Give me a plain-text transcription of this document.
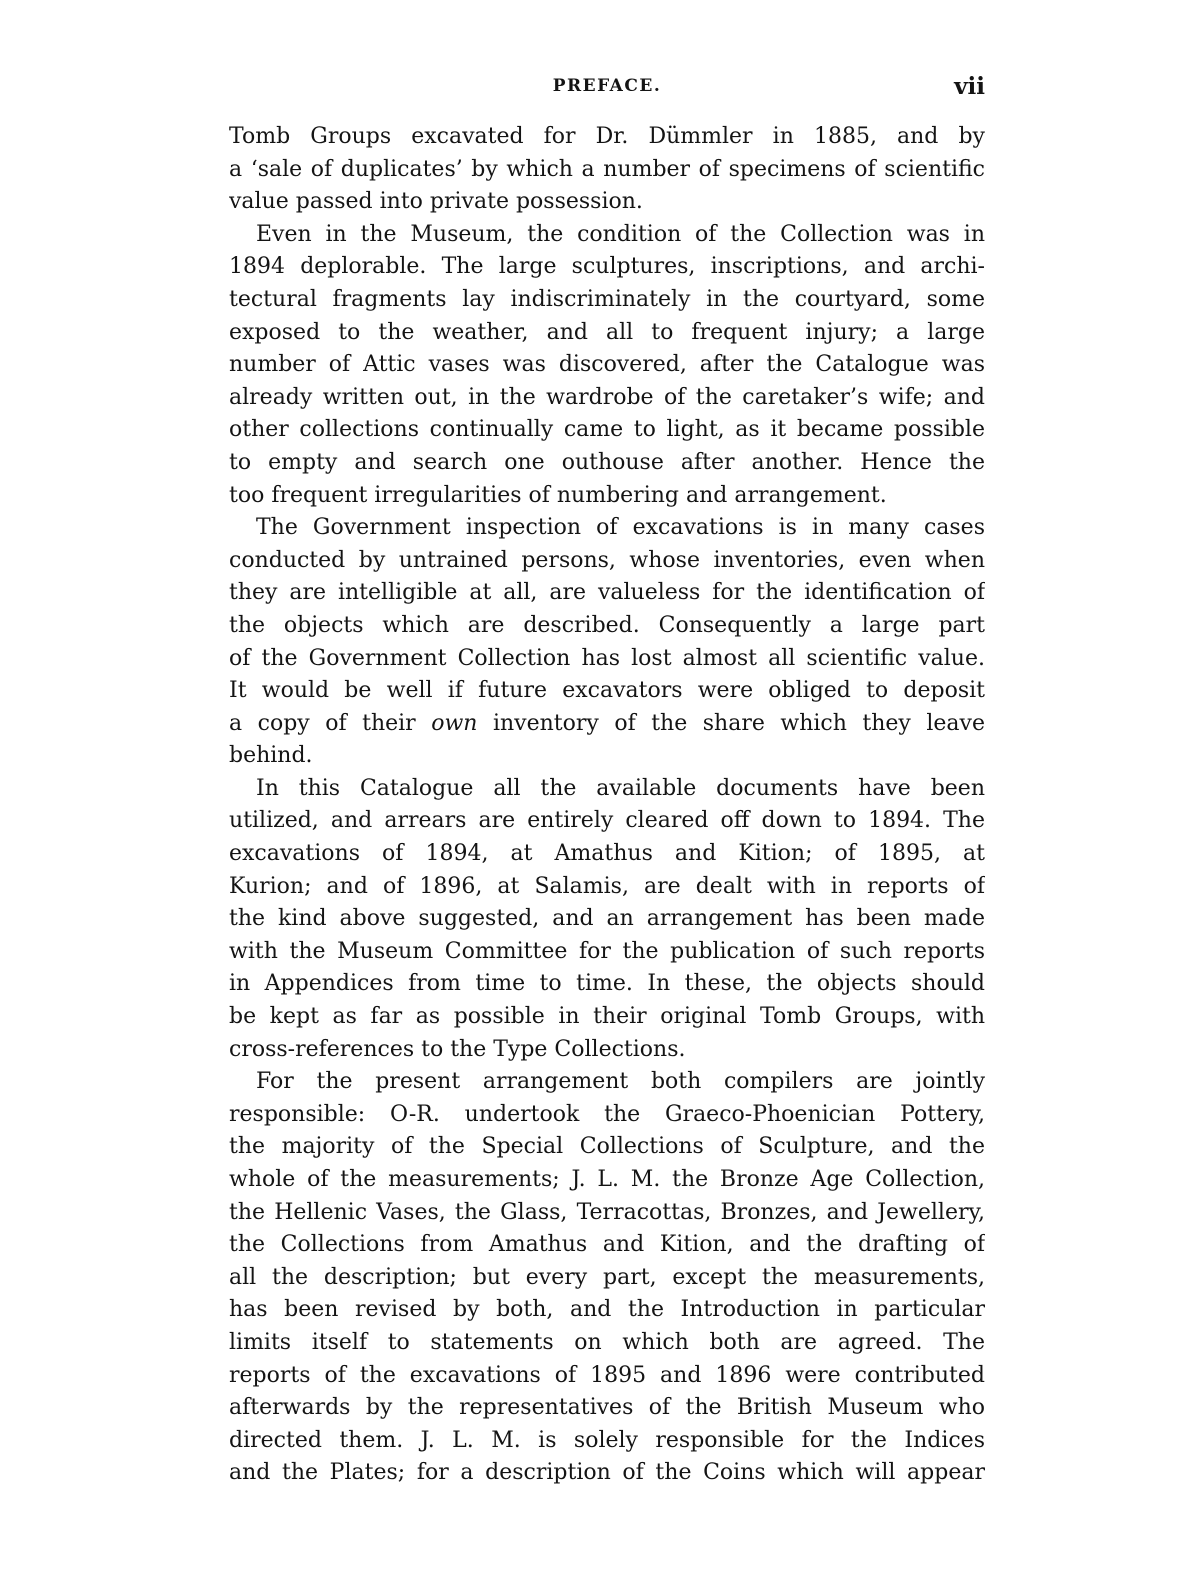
PREFACE.	vii
Tomb Groups excavated for Dr. Dümmler in 1885, and by
a ‘sale of duplicates’ by which a number of specimens of scientific
value passed into private possession.
Even in the Museum, the condition of the Collection was in
1894 deplorable. The large sculptures, inscriptions, and archi-
tectural fragments lay indiscriminately in the courtyard, some
exposed to the weather, and all to frequent injury; a large
number of Attic vases was discovered, after the Catalogue was
already written out, in the wardrobe of the caretaker’s wife; and
other collections continually came to light, as it became possible
to empty and search one outhouse after another. Hence the
too frequent irregularities of numbering and arrangement.
The Government inspection of excavations is in many cases
conducted by untrained persons, whose inventories, even when
they are intelligible at all, are valueless for the identification of
the objects which are described. Consequently a large part
of the Government Collection has lost almost all scientific value.
It would be well if future excavators were obliged to deposit
a copy of their own inventory of the share which they leave
behind.
In this Catalogue all the available documents have been
utilized, and arrears are entirely cleared off down to 1894. The
excavations of 1894, at Amathus and Kition; of 1895, at
Kurion; and of 1896, at Salamis, are dealt with in reports of
the kind above suggested, and an arrangement has been made
with the Museum Committee for the publication of such reports
in Appendices from time to time. In these, the objects should
be kept as far as possible in their original Tomb Groups, with
cross-references to the Type Collections.
For the present arrangement both compilers are jointly
responsible: O-R. undertook the Graeco-Phoenician Pottery,
the majority of the Special Collections of Sculpture, and the
whole of the measurements; J. L. M. the Bronze Age Collection,
the Hellenic Vases, the Glass, Terracottas, Bronzes, and Jewellery,
the Collections from Amathus and Kition, and the drafting of
all the description; but every part, except the measurements,
has been revised by both, and the Introduction in particular
limits itself to statements on which both are agreed. The
reports of the excavations of 1895 and 1896 were contributed
afterwards by the representatives of the British Museum who
directed them. J. L. M. is solely responsible for the Indices
and the Plates; for a description of the Coins which will appear
